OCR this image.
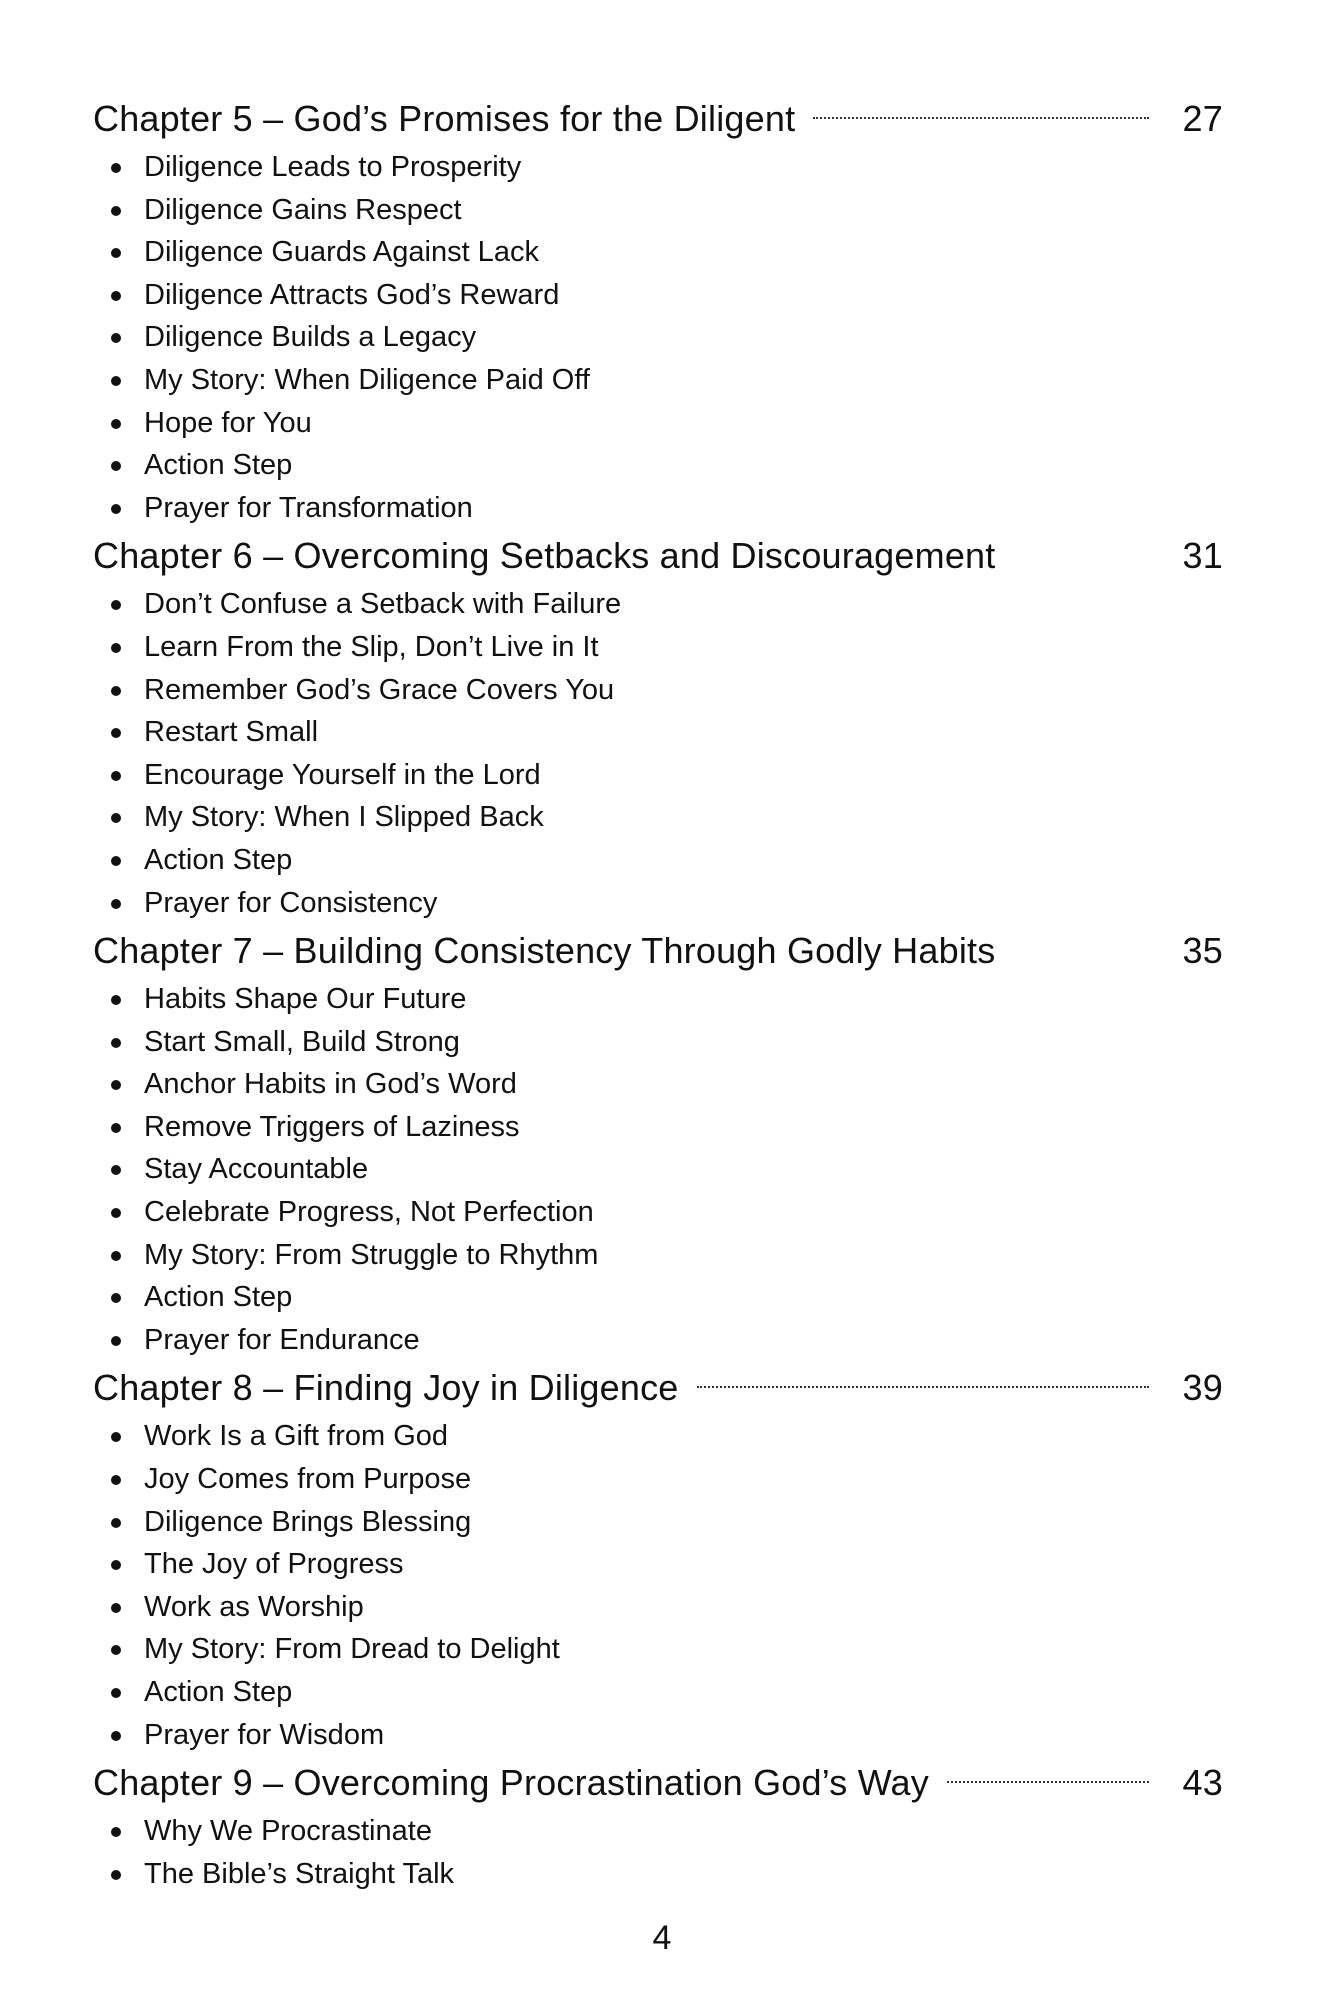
Chapter 5 – God’s Promises for the Diligent	27
Diligence Leads to Prosperity
Diligence Gains Respect
Diligence Guards Against Lack
Diligence Attracts God’s Reward
Diligence Builds a Legacy
My Story: When Diligence Paid Off
Hope for You
Action Step
Prayer for Transformation
Chapter 6 – Overcoming Setbacks and Discouragement	31
Don’t Confuse a Setback with Failure
Learn From the Slip, Don’t Live in It
Remember God’s Grace Covers You
Restart Small
Encourage Yourself in the Lord
My Story: When I Slipped Back
Action Step
Prayer for Consistency
Chapter 7 – Building Consistency Through Godly Habits	35
Habits Shape Our Future
Start Small, Build Strong
Anchor Habits in God’s Word
Remove Triggers of Laziness
Stay Accountable
Celebrate Progress, Not Perfection
My Story: From Struggle to Rhythm
Action Step
Prayer for Endurance
Chapter 8 – Finding Joy in Diligence	39
Work Is a Gift from God
Joy Comes from Purpose
Diligence Brings Blessing
The Joy of Progress
Work as Worship
My Story: From Dread to Delight
Action Step
Prayer for Wisdom
Chapter 9 – Overcoming Procrastination God’s Way	43
Why We Procrastinate
The Bible’s Straight Talk
4
